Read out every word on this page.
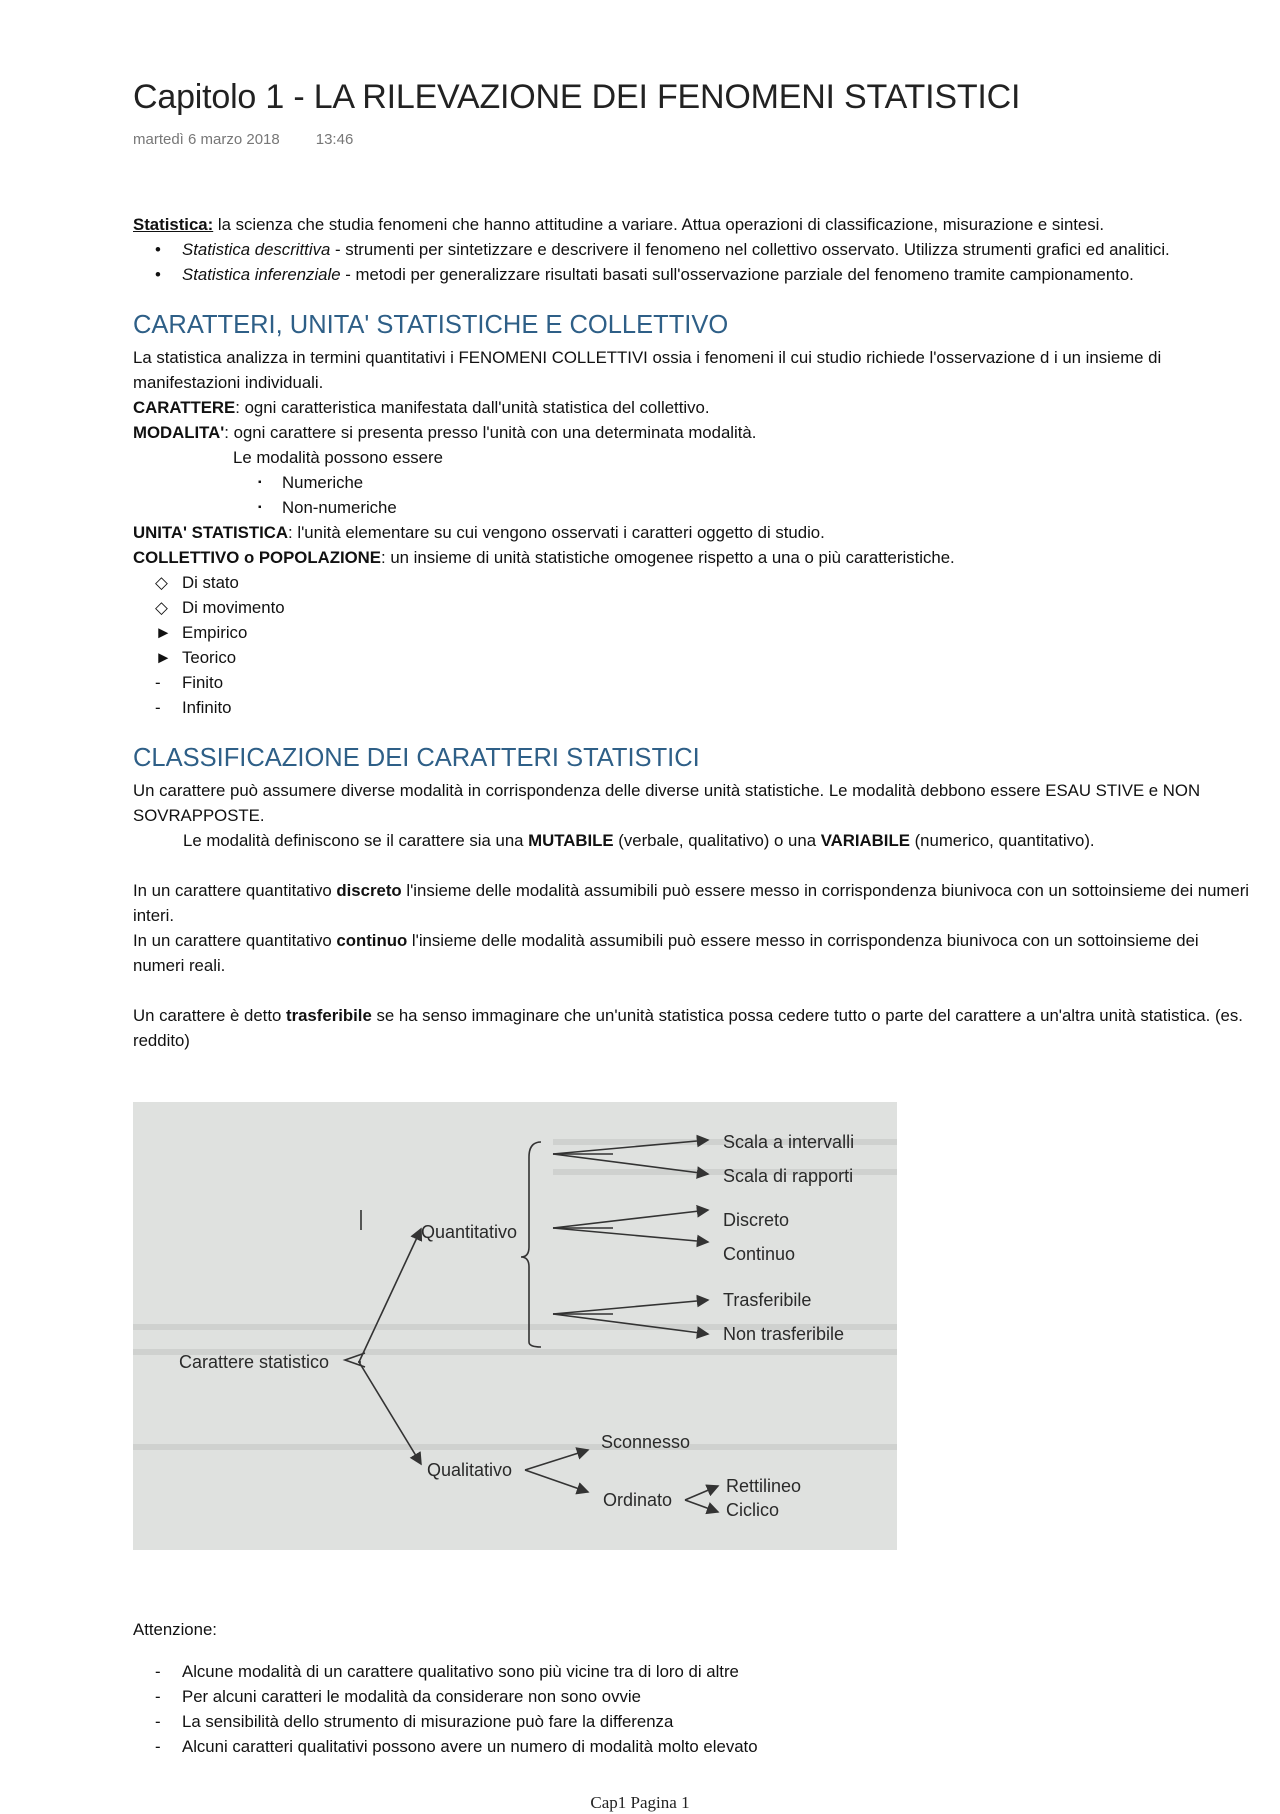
Capitolo 1 - LA RILEVAZIONE DEI FENOMENI STATISTICI
martedì 6 marzo 2018 13:46

Statistica: la scienza che studia fenomeni che hanno attitudine a variare. Attua operazioni di classificazione, misurazione e sintesi.

•	Statistica descrittiva - strumenti per sintetizzare e descrivere il fenomeno nel collettivo osservato. Utilizza strumenti grafici ed analitici.
•	Statistica inferenziale - metodi per generalizzare risultati basati sull'osservazione parziale del fenomeno tramite campionamento.
CARATTERI, UNITA' STATISTICHE E COLLETTIVO

La statistica analizza in termini quantitativi i FENOMENI COLLETTIVI ossia i fenomeni il cui studio richiede l'osservazione d i un insieme di manifestazioni individuali.

CARATTERE: ogni caratteristica manifestata dall'unità statistica del collettivo.

MODALITA': ogni carattere si presenta presso l'unità con una determinata modalità.

Le modalità possono essere

▪	Numeriche
▪	Non-numeriche

UNITA' STATISTICA: l'unità elementare su cui vengono osservati i caratteri oggetto di studio.

COLLETTIVO o POPOLAZIONE: un insieme di unità statistiche omogenee rispetto a una o più caratteristiche.

◇ Di stato
◇ Di movimento
► Empirico
► Teorico
-	Finito
-	Infinito
CLASSIFICAZIONE DEI CARATTERI STATISTICI

Un carattere può assumere diverse modalità in corrispondenza delle diverse unità statistiche. Le modalità debbono essere ESAU STIVE e NON SOVRAPPOSTE.

Le modalità definiscono se il carattere sia una MUTABILE (verbale, qualitativo) o una VARIABILE (numerico, quantitativo).

In un carattere quantitativo discreto l'insieme delle modalità assumibili può essere messo in corrispondenza biunivoca con un sottoinsieme dei numeri interi.

In un carattere quantitativo continuo l'insieme delle modalità assumibili può essere messo in corrispondenza biunivoca con un sottoinsieme dei numeri reali.

Un carattere è detto trasferibile se ha senso immaginare che un'unità statistica possa cedere tutto o parte del carattere a un'altra unità statistica. (es. reddito)

Carattere statistico
Quantitativo
Qualitativo
Scala a intervalli
Scala di rapporti
Discreto
Continuo
Trasferibile
Non trasferibile
Sconnesso
Ordinato
Rettilineo
Ciclico

Attenzione:

-	Alcune modalità di un carattere qualitativo sono più vicine tra di loro di altre
-	Per alcuni caratteri le modalità da considerare non sono ovvie
-	La sensibilità dello strumento di misurazione può fare la differenza
-	Alcuni caratteri qualitativi possono avere un numero di modalità molto elevato
Cap1 Pagina 1
